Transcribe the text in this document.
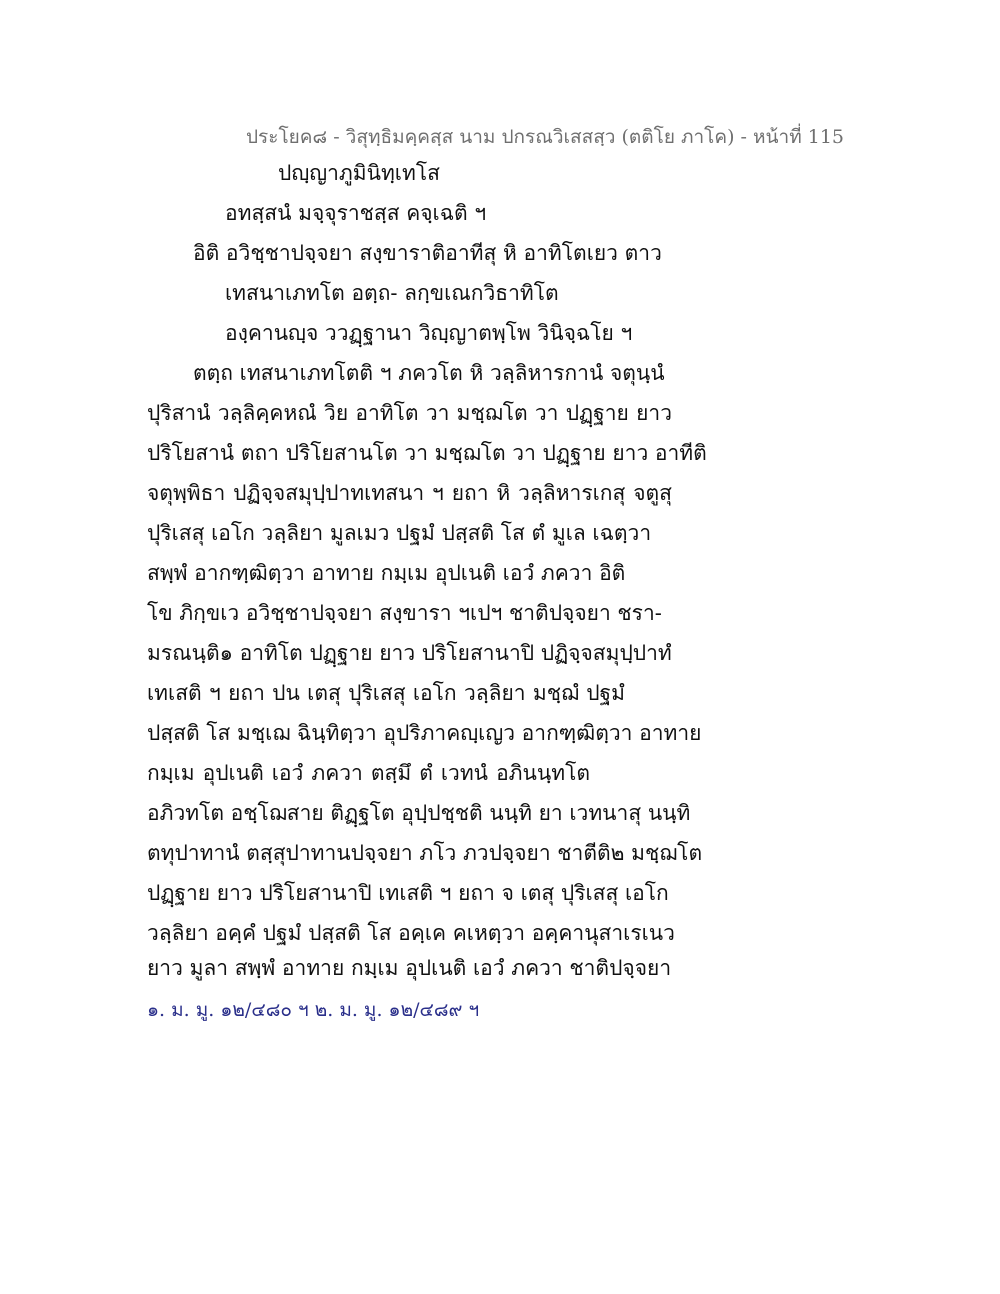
ประโยค๘ - วิสุทฺธิมคฺคสฺส นาม ปกรณวิเสสสฺว (ตติโย ภาโค) - หน้าที่ 115
ปญฺญาภูมินิทฺเทโส
อทสฺสนํ มจฺจุราชสฺส คจฺเฉติ ฯ
อิติ อวิชฺชาปจฺจยา สงฺขาราติอาทีสุ หิ อาทิโตเยว ตาว
เทสนาเภทโต อตฺถ- ลกฺขเณกวิธาทิโต
องฺคานญฺจ ววฏฺฐานา วิญฺญาตพฺโพ วินิจฺฉโย ฯ
ตตฺถ เทสนาเภทโตติ ฯ ภควโต หิ วลฺลิหารกานํ จตุนฺนํ
ปุริสานํ วลฺลิคฺคหณํ วิย อาทิโต วา มชฺฌโต วา ปฏฺฐาย ยาว
ปริโยสานํ ตถา ปริโยสานโต วา มชฺฌโต วา ปฏฺฐาย ยาว อาทีติ
จตุพฺพิธา ปฏิจฺจสมุปฺปาทเทสนา ฯ ยถา หิ วลฺลิหารเกสุ จตูสุ
ปุริเสสุ เอโก วลฺลิยา มูลเมว ปฐมํ ปสฺสติ โส ตํ มูเล เฉตฺวา
สพฺพํ อากฑฺฒิตฺวา อาทาย กมฺเม อุปเนติ เอวํ ภควา อิติ
โข ภิกฺขเว อวิชฺชาปจฺจยา สงฺขารา ฯเปฯ ชาติปจฺจยา ชรา-
มรณนฺติ๑ อาทิโต ปฏฺฐาย ยาว ปริโยสานาปิ ปฏิจฺจสมุปฺปาทํ
เทเสติ ฯ ยถา ปน เตสุ ปุริเสสุ เอโก วลฺลิยา มชฺฌํ ปฐมํ
ปสฺสติ โส มชฺเฌ ฉินฺทิตฺวา อุปริภาคญฺเญว อากฑฺฒิตฺวา อาทาย
กมฺเม อุปเนติ เอวํ ภควา ตสฺมึ ตํ เวทนํ อภินนฺทโต
อภิวทโต อชฺโฌสาย ติฏฺฐโต อุปฺปชฺชติ นนฺทิ ยา เวทนาสุ นนฺทิ
ตทุปาทานํ ตสฺสุปาทานปจฺจยา ภโว ภวปจฺจยา ชาตีติ๒ มชฺฌโต
ปฏฺฐาย ยาว ปริโยสานาปิ เทเสติ ฯ ยถา จ เตสุ ปุริเสสุ เอโก
วลฺลิยา อคฺคํ ปฐมํ ปสฺสติ โส อคฺเค คเหตฺวา อคฺคานุสาเรเนว
ยาว มูลา สพฺพํ อาทาย กมฺเม อุปเนติ เอวํ ภควา ชาติปจฺจยา
๑. ม. มู. ๑๒/๔๘๐ ฯ ๒. ม. มู. ๑๒/๔๘๙ ฯ
